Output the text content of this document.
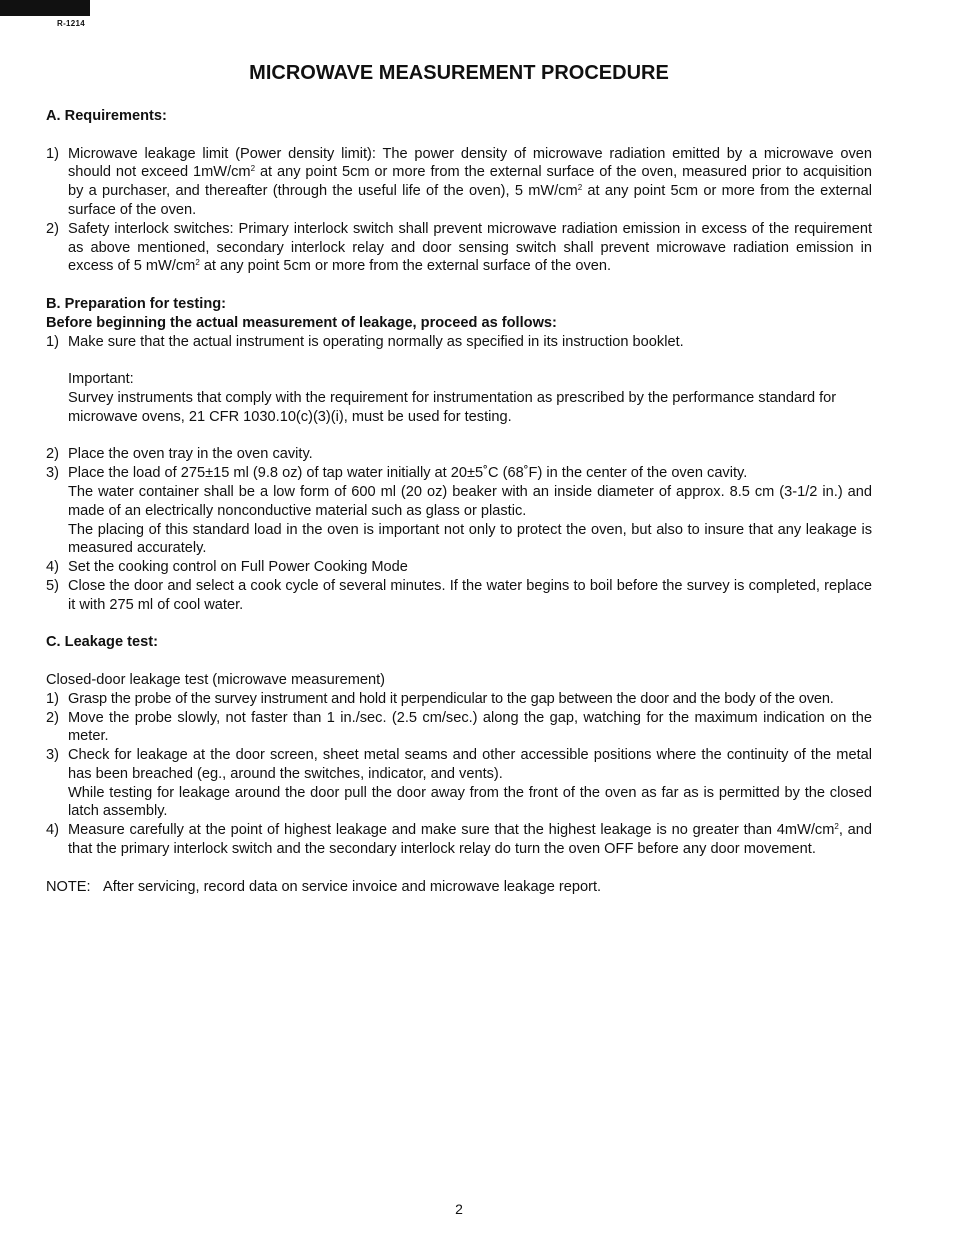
R-1214
MICROWAVE MEASUREMENT PROCEDURE

A. Requirements:

1) Microwave leakage limit (Power density limit): The power density of microwave radiation emitted by a microwave oven should not exceed $1mW/cm^2$ at any point 5cm or more from the external surface of the oven, measured prior to acquisition by a purchaser, and thereafter (through the useful life of the oven), 5 $mW/cm^2$ at any point 5cm or more from the external surface of the oven.
2) Safety interlock switches: Primary interlock switch shall prevent microwave radiation emission in excess of the requirement as above mentioned, secondary interlock relay and door sensing switch shall prevent microwave radiation emission in excess of 5 $mW/cm^2$ at any point 5cm or more from the external surface of the oven.

B. Preparation for testing:

Before beginning the actual measurement of leakage, proceed as follows:

1) Make sure that the actual instrument is operating normally as specified in its instruction booklet.

Important:

Survey instruments that comply with the requirement for instrumentation as prescribed by the performance standard for microwave ovens, 21 CFR 1030.10(c)(3)(i), must be used for testing.

2) Place the oven tray in the oven cavity.
3) Place the load of 275±15 ml (9.8 oz) of tap water initially at 20±5˚C (68˚F) in the center of the oven cavity.

The water container shall be a low form of 600 ml (20 oz) beaker with an inside diameter of approx. 8.5 cm (3-1/2 in.) and made of an electrically nonconductive material such as glass or plastic.

The placing of this standard load in the oven is important not only to protect the oven, but also to insure that any leakage is measured accurately.

4) Set the cooking control on Full Power Cooking Mode
5) Close the door and select a cook cycle of several minutes. If the water begins to boil before the survey is completed, replace it with 275 ml of cool water.

C. Leakage test:

Closed-door leakage test (microwave measurement)

1) Grasp the probe of the survey instrument and hold it perpendicular to the gap between the door and the body of the oven.
2) Move the probe slowly, not faster than 1 in./sec. (2.5 cm/sec.) along the gap, watching for the maximum indication on the meter.
3) Check for leakage at the door screen, sheet metal seams and other accessible positions where the continuity of the metal has been breached (eg., around the switches, indicator, and vents).

While testing for leakage around the door pull the door away from the front of the oven as far as is permitted by the closed latch assembly.

4) Measure carefully at the point of highest leakage and make sure that the highest leakage is no greater than $4mW/cm^2$, and that the primary interlock switch and the secondary interlock relay do turn the oven OFF before any door movement.
NOTE: After servicing, record data on service invoice and microwave leakage report.
2
